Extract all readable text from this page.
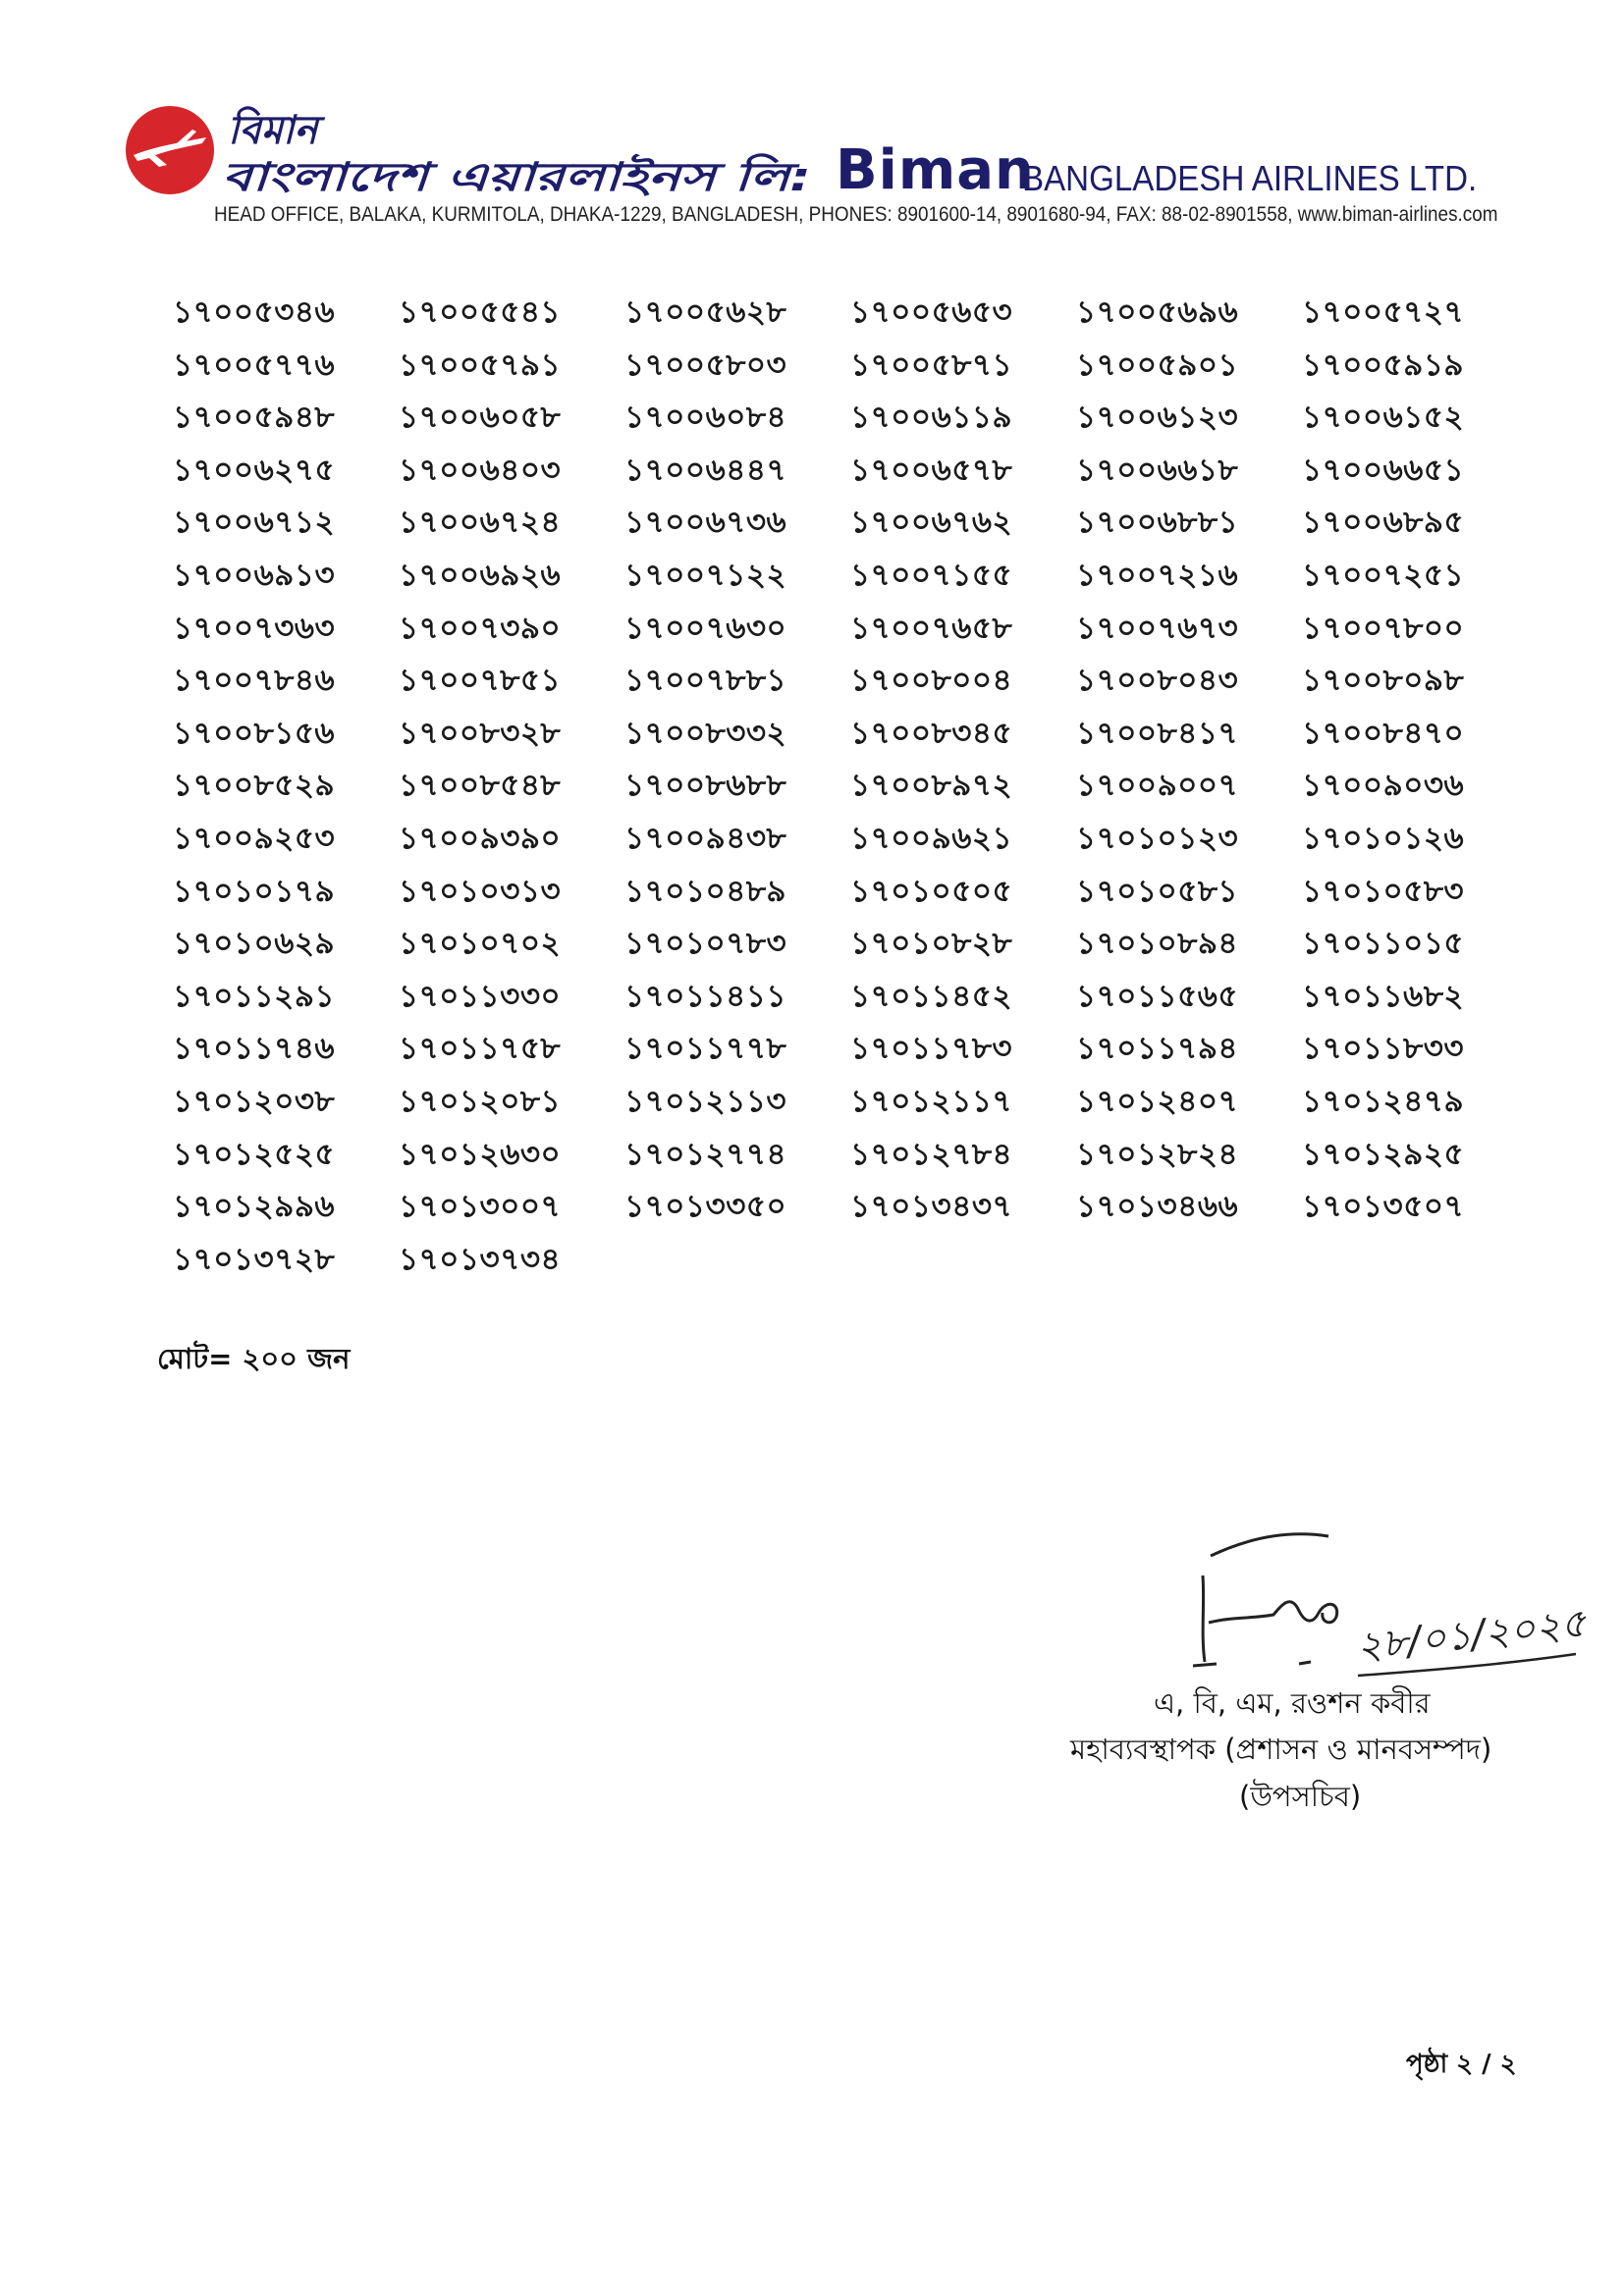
বিমান
বাংলাদেশ এয়ারলাইনস লি:	Biman
BANGLADESH AIRLINES LTD.
HEAD OFFICE, BALAKA, KURMITOLA, DHAKA-1229, BANGLADESH, PHONES: 8901600-14, 8901680-94, FAX: 88-02-8901558, www.biman-airlines.com
১৭০০৫৩৪৬	১৭০০৫৫৪১	১৭০০৫৬২৮	১৭০০৫৬৫৩	১৭০০৫৬৯৬	১৭০০৫৭২৭
১৭০০৫৭৭৬	১৭০০৫৭৯১	১৭০০৫৮০৩	১৭০০৫৮৭১	১৭০০৫৯০১	১৭০০৫৯১৯
১৭০০৫৯৪৮	১৭০০৬০৫৮	১৭০০৬০৮৪	১৭০০৬১১৯	১৭০০৬১২৩	১৭০০৬১৫২
১৭০০৬২৭৫	১৭০০৬৪০৩	১৭০০৬৪৪৭	১৭০০৬৫৭৮	১৭০০৬৬১৮	১৭০০৬৬৫১
১৭০০৬৭১২	১৭০০৬৭২৪	১৭০০৬৭৩৬	১৭০০৬৭৬২	১৭০০৬৮৮১	১৭০০৬৮৯৫
১৭০০৬৯১৩	১৭০০৬৯২৬	১৭০০৭১২২	১৭০০৭১৫৫	১৭০০৭২১৬	১৭০০৭২৫১
১৭০০৭৩৬৩	১৭০০৭৩৯০	১৭০০৭৬৩০	১৭০০৭৬৫৮	১৭০০৭৬৭৩	১৭০০৭৮০০
১৭০০৭৮৪৬	১৭০০৭৮৫১	১৭০০৭৮৮১	১৭০০৮০০৪	১৭০০৮০৪৩	১৭০০৮০৯৮
১৭০০৮১৫৬	১৭০০৮৩২৮	১৭০০৮৩৩২	১৭০০৮৩৪৫	১৭০০৮৪১৭	১৭০০৮৪৭০
১৭০০৮৫২৯	১৭০০৮৫৪৮	১৭০০৮৬৮৮	১৭০০৮৯৭২	১৭০০৯০০৭	১৭০০৯০৩৬
১৭০০৯২৫৩	১৭০০৯৩৯০	১৭০০৯৪৩৮	১৭০০৯৬২১	১৭০১০১২৩	১৭০১০১২৬
১৭০১০১৭৯	১৭০১০৩১৩	১৭০১০৪৮৯	১৭০১০৫০৫	১৭০১০৫৮১	১৭০১০৫৮৩
১৭০১০৬২৯	১৭০১০৭০২	১৭০১০৭৮৩	১৭০১০৮২৮	১৭০১০৮৯৪	১৭০১১০১৫
১৭০১১২৯১	১৭০১১৩৩০	১৭০১১৪১১	১৭০১১৪৫২	১৭০১১৫৬৫	১৭০১১৬৮২
১৭০১১৭৪৬	১৭০১১৭৫৮	১৭০১১৭৭৮	১৭০১১৭৮৩	১৭০১১৭৯৪	১৭০১১৮৩৩
১৭০১২০৩৮	১৭০১২০৮১	১৭০১২১১৩	১৭০১২১১৭	১৭০১২৪০৭	১৭০১২৪৭৯
১৭০১২৫২৫	১৭০১২৬৩০	১৭০১২৭৭৪	১৭০১২৭৮৪	১৭০১২৮২৪	১৭০১২৯২৫
১৭০১২৯৯৬	১৭০১৩০০৭	১৭০১৩৩৫০	১৭০১৩৪৩৭	১৭০১৩৪৬৬	১৭০১৩৫০৭
১৭০১৩৭২৮	১৭০১৩৭৩৪
মোট= ২০০ জন
২৮/০১/২০২৫
এ, বি, এম, রওশন কবীর
মহাব্যবস্থাপক (প্রশাসন ও মানবসম্পদ)
(উপসচিব)
পৃষ্ঠা ২ / ২
